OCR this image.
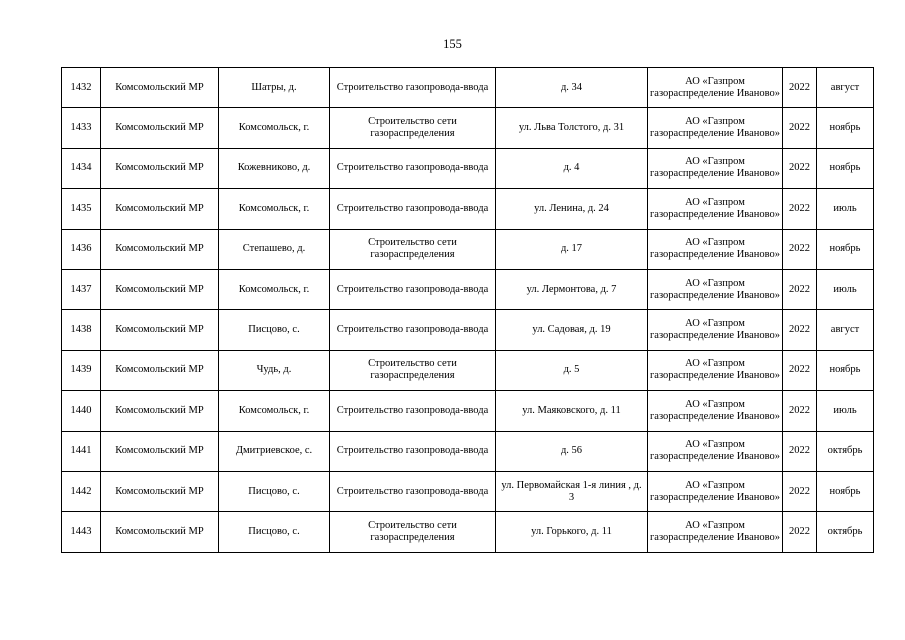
155
1432	Комсомольский МР	Шатры, д.	Строительство газопровода-ввода	д. 34	АО «Газпром газораспределение Иваново»	2022	август
1433	Комсомольский МР	Комсомольск, г.	Строительство сети газораспределения	ул. Льва Толстого, д. 31	АО «Газпром газораспределение Иваново»	2022	ноябрь
1434	Комсомольский МР	Кожевниково, д.	Строительство газопровода-ввода	д. 4	АО «Газпром газораспределение Иваново»	2022	ноябрь
1435	Комсомольский МР	Комсомольск, г.	Строительство газопровода-ввода	ул. Ленина, д. 24	АО «Газпром газораспределение Иваново»	2022	июль
1436	Комсомольский МР	Степашево, д.	Строительство сети газораспределения	д. 17	АО «Газпром газораспределение Иваново»	2022	ноябрь
1437	Комсомольский МР	Комсомольск, г.	Строительство газопровода-ввода	ул. Лермонтова, д. 7	АО «Газпром газораспределение Иваново»	2022	июль
1438	Комсомольский МР	Писцово, с.	Строительство газопровода-ввода	ул. Садовая, д. 19	АО «Газпром газораспределение Иваново»	2022	август
1439	Комсомольский МР	Чудь, д.	Строительство сети газораспределения	д. 5	АО «Газпром газораспределение Иваново»	2022	ноябрь
1440	Комсомольский МР	Комсомольск, г.	Строительство газопровода-ввода	ул. Маяковского, д. 11	АО «Газпром газораспределение Иваново»	2022	июль
1441	Комсомольский МР	Дмитриевское, с.	Строительство газопровода-ввода	д. 56	АО «Газпром газораспределение Иваново»	2022	октябрь
1442	Комсомольский МР	Писцово, с.	Строительство газопровода-ввода	ул. Первомайская 1-я линия , д. 3	АО «Газпром газораспределение Иваново»	2022	ноябрь
1443	Комсомольский МР	Писцово, с.	Строительство сети газораспределения	ул. Горького, д. 11	АО «Газпром газораспределение Иваново»	2022	октябрь
